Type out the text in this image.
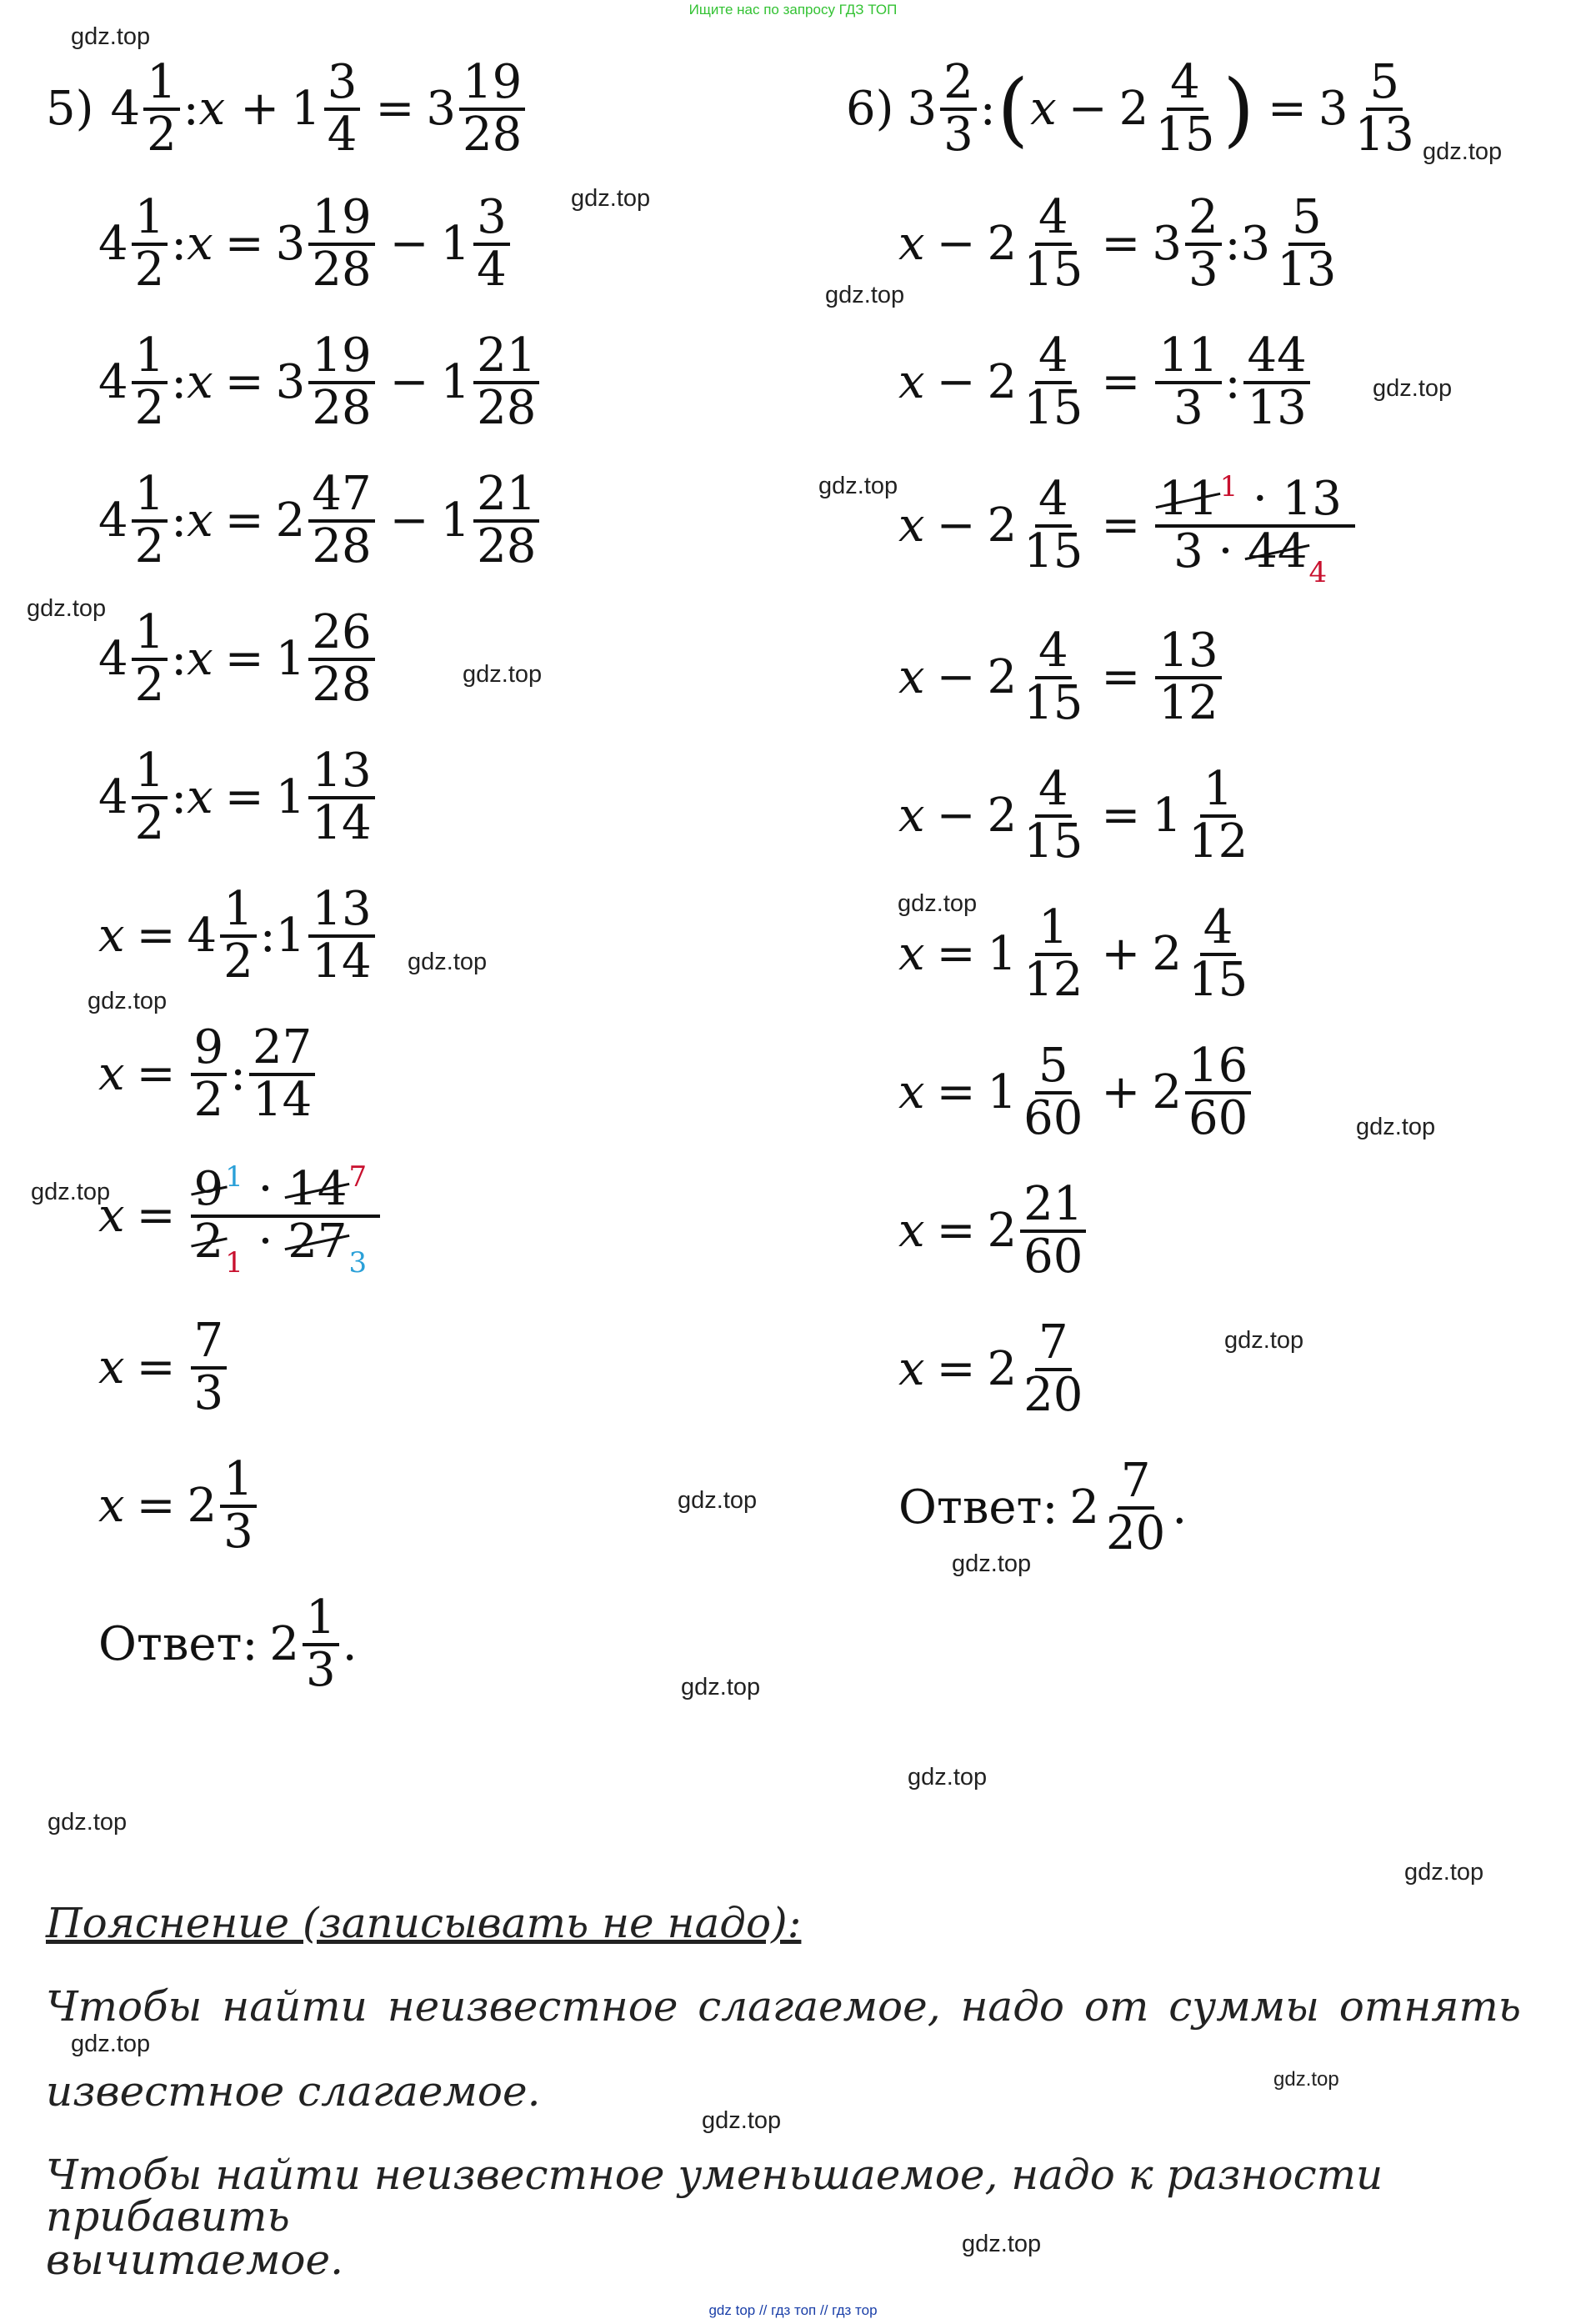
Ищите нас по запросу ГДЗ ТОП
5) $4 \frac{1}{2}$ : $x + 1 \frac{3}{4} = 3 \frac{19}{28}$
$4 \frac{1}{2}$ : $x = 3 \frac{19}{28} - 1 \frac{3}{4}$
$4 \frac{1}{2}$ : $x = 3 \frac{19}{28} - 1 \frac{21}{28}$
$4 \frac{1}{2}$ : $x = 2 \frac{47}{28} - 1 \frac{21}{28}$
$4 \frac{1}{2}$ : $x = 1 \frac{26}{28}$
$4 \frac{1}{2}$ : $x = 1 \frac{13}{14}$
$x = 4 \frac{1}{2}$ : $1 \frac{13}{14}$
$x = \frac{9}{2}$ : $\frac{27}{14}$
$x = \frac{9^1 \cdot 14^7}{2_1 \cdot 27_3}$
$x = \frac{7}{3}$
$x = 2 \frac{1}{3}$
Ответ: $2 \frac{1}{3}$ .
6) $3 \frac{2}{3}$ : ( $x - 2 \frac{4}{15}$ ) = $3 \frac{5}{13}$
$x - 2 \frac{4}{15} = 3 \frac{2}{3}$ : $3 \frac{5}{13}$
$x - 2 \frac{4}{15} = \frac{11}{3}$ : $\frac{44}{13}$
$x - 2 \frac{4}{15} = \frac{11^1 \cdot 13}{3 \cdot 44_4}$
$x - 2 \frac{4}{15} = \frac{13}{12}$
$x - 2 \frac{4}{15} = 1 \frac{1}{12}$
$x = 1 \frac{1}{12} + 2 \frac{4}{15}$
$x = 1 \frac{5}{60} + 2 \frac{16}{60}$
$x = 2 \frac{21}{60}$
$x = 2 \frac{7}{20}$
Ответ: $2 \frac{7}{20}$ .
Пояснение (записывать не надо):
Чтобы найти неизвестное слагаемое, надо от суммы отнять
известное слагаемое.
Чтобы найти неизвестное уменьшаемое, надо к разности прибавить
вычитаемое.
gdz.top
gdz.top
gdz.top
gdz.top
gdz.top
gdz.top
gdz.top
gdz.top
gdz.top
gdz.top
gdz.top
gdz.top
gdz.top
gdz.top
gdz.top
gdz.top
gdz.top
gdz.top
gdz.top
gdz.top
gdz.top
gdz.top
gdz.top
gdz.top
gdz top // гдз топ // гдз тор
